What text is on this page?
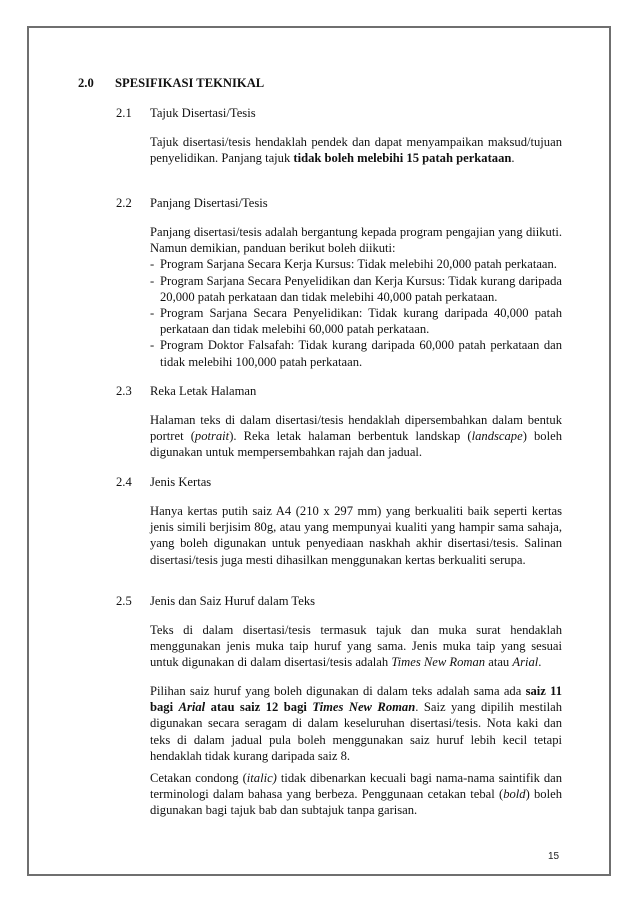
2.0 SPESIFIKASI TEKNIKAL
2.1 Tajuk Disertasi/Tesis

Tajuk disertasi/tesis hendaklah pendek dan dapat menyampaikan maksud/tujuan penyelidikan. Panjang tajuk tidak boleh melebihi 15 patah perkataan.

2.2 Panjang Disertasi/Tesis

Panjang disertasi/tesis adalah bergantung kepada program pengajian yang diikuti. Namun demikian, panduan berikut boleh diikuti:

- Program Sarjana Secara Kerja Kursus: Tidak melebihi 20,000 patah perkataan.
- Program Sarjana Secara Penyelidikan dan Kerja Kursus: Tidak kurang daripada 20,000 patah perkataan dan tidak melebihi 40,000 patah perkataan.
- Program Sarjana Secara Penyelidikan: Tidak kurang daripada 40,000 patah perkataan dan tidak melebihi 60,000 patah perkataan.
- Program Doktor Falsafah: Tidak kurang daripada 60,000 patah perkataan dan tidak melebihi 100,000 patah perkataan.
2.3 Reka Letak Halaman

Halaman teks di dalam disertasi/tesis hendaklah dipersembahkan dalam bentuk portret (potrait). Reka letak halaman berbentuk landskap (landscape) boleh digunakan untuk mempersembahkan rajah dan jadual.

2.4 Jenis Kertas

Hanya kertas putih saiz A4 (210 x 297 mm) yang berkualiti baik seperti kertas jenis simili berjisim 80g, atau yang mempunyai kualiti yang hampir sama sahaja, yang boleh digunakan untuk penyediaan naskhah akhir disertasi/tesis. Salinan disertasi/tesis juga mesti dihasilkan menggunakan kertas berkualiti serupa.

2.5 Jenis dan Saiz Huruf dalam Teks

Teks di dalam disertasi/tesis termasuk tajuk dan muka surat hendaklah menggunakan jenis muka taip huruf yang sama. Jenis muka taip yang sesuai untuk digunakan di dalam disertasi/tesis adalah Times New Roman atau Arial.

Pilihan saiz huruf yang boleh digunakan di dalam teks adalah sama ada saiz 11 bagi Arial atau saiz 12 bagi Times New Roman. Saiz yang dipilih mestilah digunakan secara seragam di dalam keseluruhan disertasi/tesis. Nota kaki dan teks di dalam jadual pula boleh menggunakan saiz huruf lebih kecil tetapi hendaklah tidak kurang daripada saiz 8.

Cetakan condong (italic) tidak dibenarkan kecuali bagi nama-nama saintifik dan terminologi dalam bahasa yang berbeza. Penggunaan cetakan tebal (bold) boleh digunakan bagi tajuk bab dan subtajuk tanpa garisan.

15
